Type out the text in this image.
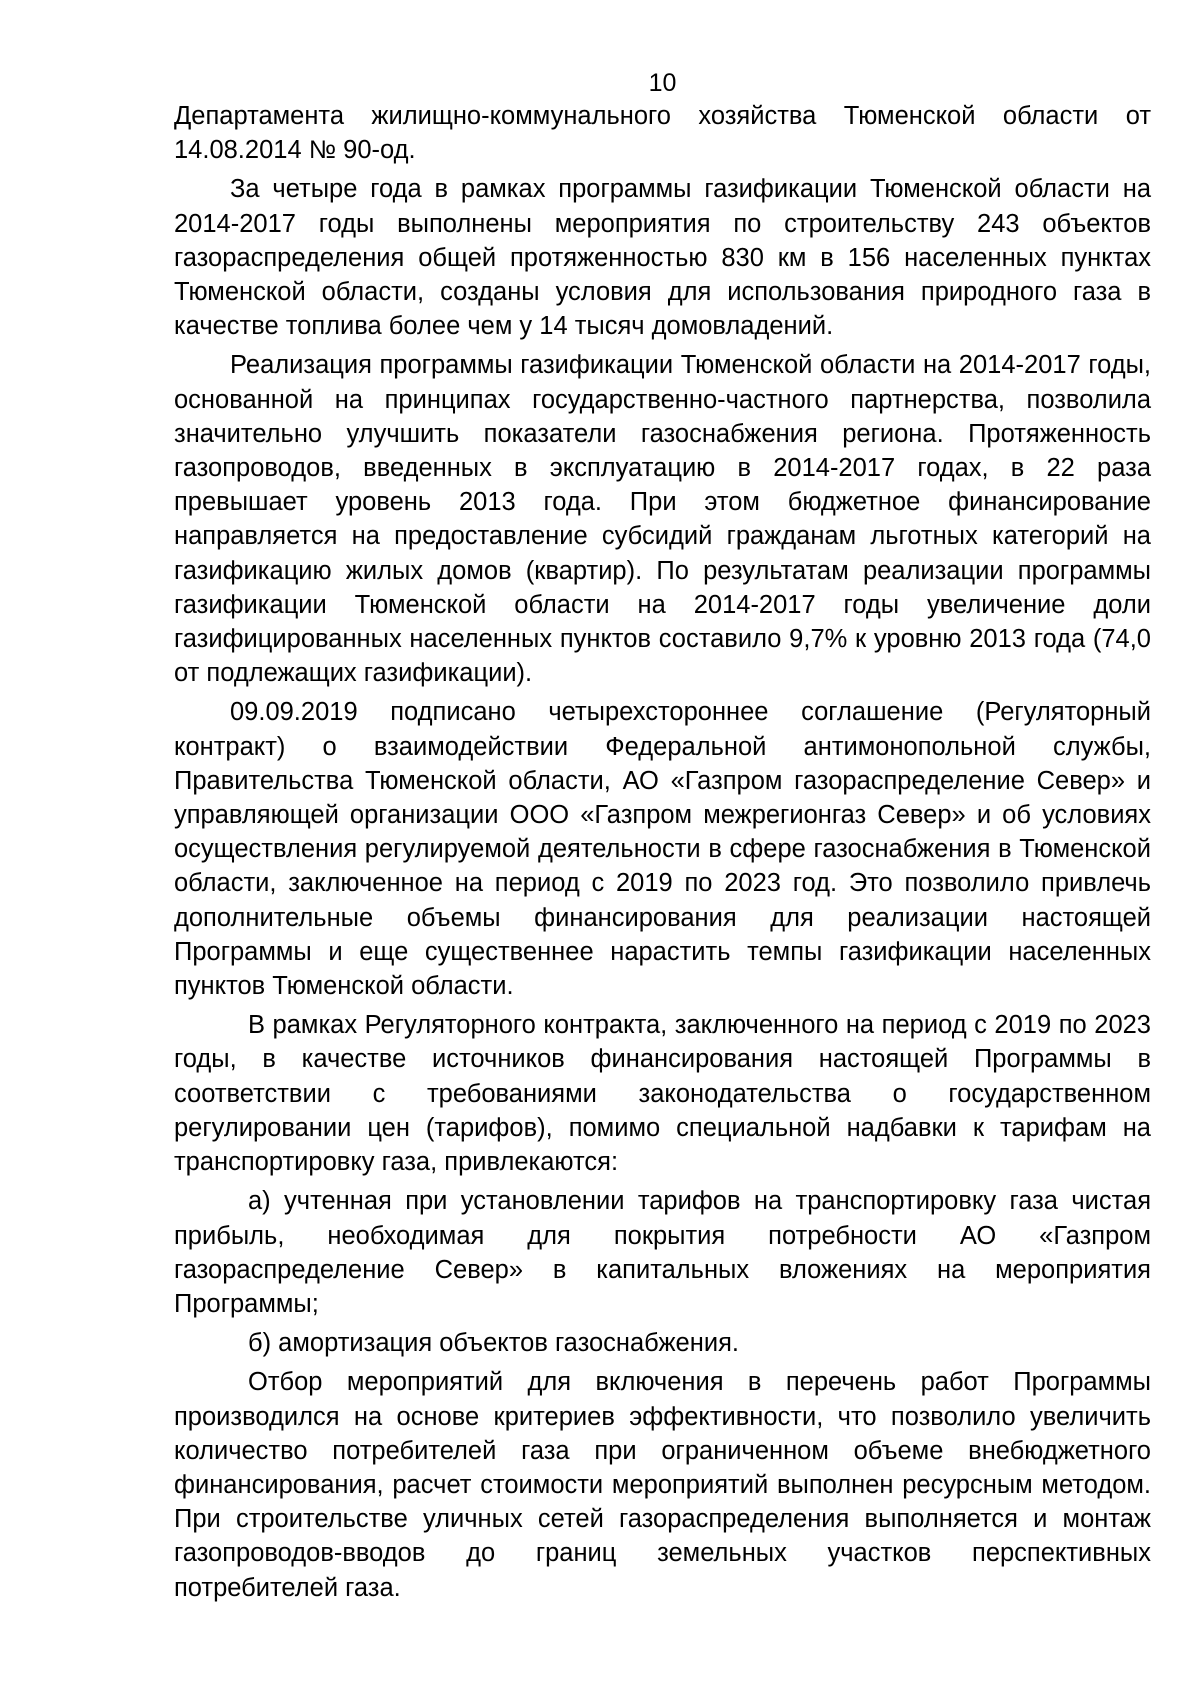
10

Департамента жилищно-коммунального хозяйства Тюменской области от 14.08.2014 № 90-од.

За четыре года в рамках программы газификации Тюменской области на 2014-2017 годы выполнены мероприятия по строительству 243 объектов газораспределения общей протяженностью 830 км в 156 населенных пунктах Тюменской области, созданы условия для использования природного газа в качестве топлива более чем у 14 тысяч домовладений.

Реализация программы газификации Тюменской области на 2014-2017 годы, основанной на принципах государственно-частного партнерства, позволила значительно улучшить показатели газоснабжения региона. Протяженность газопроводов, введенных в эксплуатацию в 2014-2017 годах, в 22 раза превышает уровень 2013 года. При этом бюджетное финансирование направляется на предоставление субсидий гражданам льготных категорий на газификацию жилых домов (квартир). По результатам реализации программы газификации Тюменской области на 2014-2017 годы увеличение доли газифицированных населенных пунктов составило 9,7% к уровню 2013 года (74,0 от подлежащих газификации).

09.09.2019 подписано четырехстороннее соглашение (Регуляторный контракт) о взаимодействии Федеральной антимонопольной службы, Правительства Тюменской области, АО «Газпром газораспределение Север» и управляющей организации ООО «Газпром межрегионгаз Север» и об условиях осуществления регулируемой деятельности в сфере газоснабжения в Тюменской области, заключенное на период с 2019 по 2023 год. Это позволило привлечь дополнительные объемы финансирования для реализации настоящей Программы и еще существеннее нарастить темпы газификации населенных пунктов Тюменской области.

В рамках Регуляторного контракта, заключенного на период с 2019 по 2023 годы, в качестве источников финансирования настоящей Программы в соответствии с требованиями законодательства о государственном регулировании цен (тарифов), помимо специальной надбавки к тарифам на транспортировку газа, привлекаются:

а) учтенная при установлении тарифов на транспортировку газа чистая прибыль, необходимая для покрытия потребности АО «Газпром газораспределение Север» в капитальных вложениях на мероприятия Программы;

б) амортизация объектов газоснабжения.

Отбор мероприятий для включения в перечень работ Программы производился на основе критериев эффективности, что позволило увеличить количество потребителей газа при ограниченном объеме внебюджетного финансирования, расчет стоимости мероприятий выполнен ресурсным методом. При строительстве уличных сетей газораспределения выполняется и монтаж газопроводов-вводов до границ земельных участков перспективных потребителей газа.
